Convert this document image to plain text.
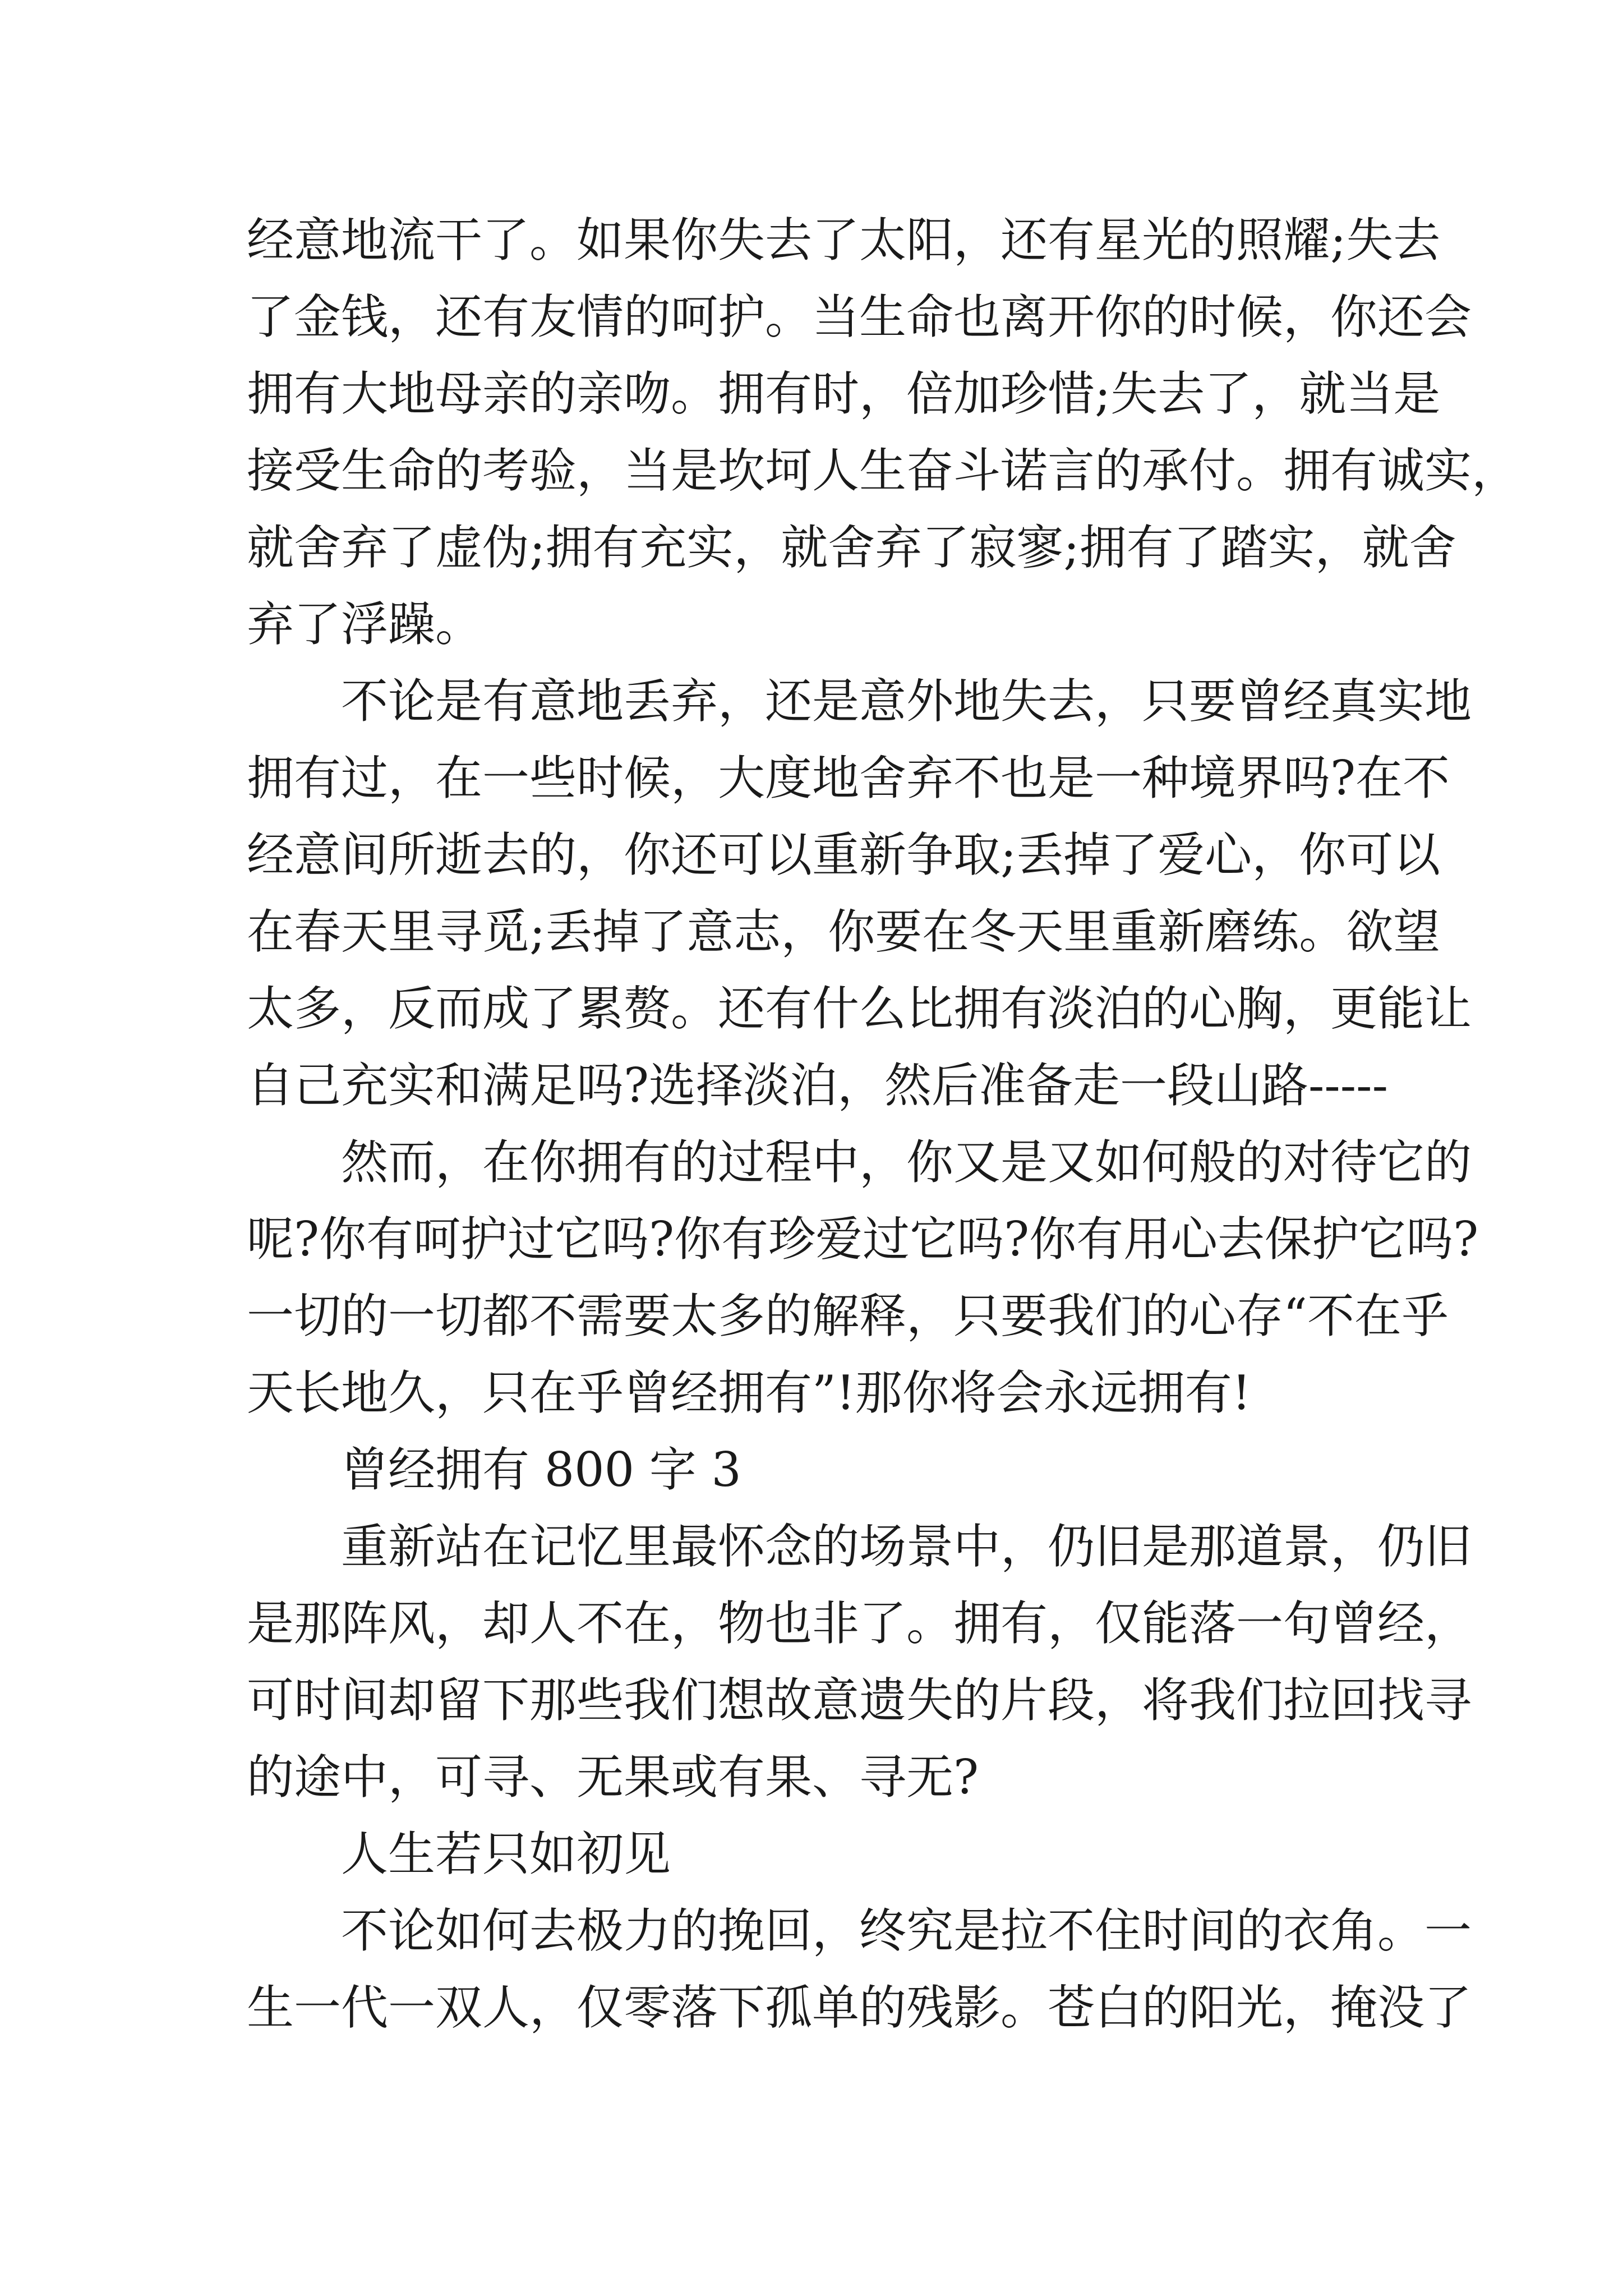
经意地流干了。如果你失去了太阳，还有星光的照耀;失去
了金钱，还有友情的呵护。当生命也离开你的时候，你还会
拥有大地母亲的亲吻。拥有时，倍加珍惜;失去了，就当是
接受生命的考验，当是坎坷人生奋斗诺言的承付。拥有诚实，
就舍弃了虚伪;拥有充实，就舍弃了寂寥;拥有了踏实，就舍
弃了浮躁。
不论是有意地丢弃，还是意外地失去，只要曾经真实地
拥有过，在一些时候，大度地舍弃不也是一种境界吗?在不
经意间所逝去的，你还可以重新争取;丢掉了爱心，你可以
在春天里寻觅;丢掉了意志，你要在冬天里重新磨练。欲望
太多，反而成了累赘。还有什么比拥有淡泊的心胸，更能让
自己充实和满足吗?选择淡泊，然后准备走一段山路-----
然而，在你拥有的过程中，你又是又如何般的对待它的
呢?你有呵护过它吗?你有珍爱过它吗?你有用心去保护它吗?
一切的一切都不需要太多的解释，只要我们的心存“不在乎
天长地久，只在乎曾经拥有”!那你将会永远拥有!
曾经拥有 800 字 3
重新站在记忆里最怀念的场景中，仍旧是那道景，仍旧
是那阵风，却人不在，物也非了。拥有，仅能落一句曾经，
可时间却留下那些我们想故意遗失的片段，将我们拉回找寻
的途中，可寻、无果或有果、寻无?
人生若只如初见
不论如何去极力的挽回，终究是拉不住时间的衣角。一
生一代一双人，仅零落下孤单的残影。苍白的阳光，掩没了
